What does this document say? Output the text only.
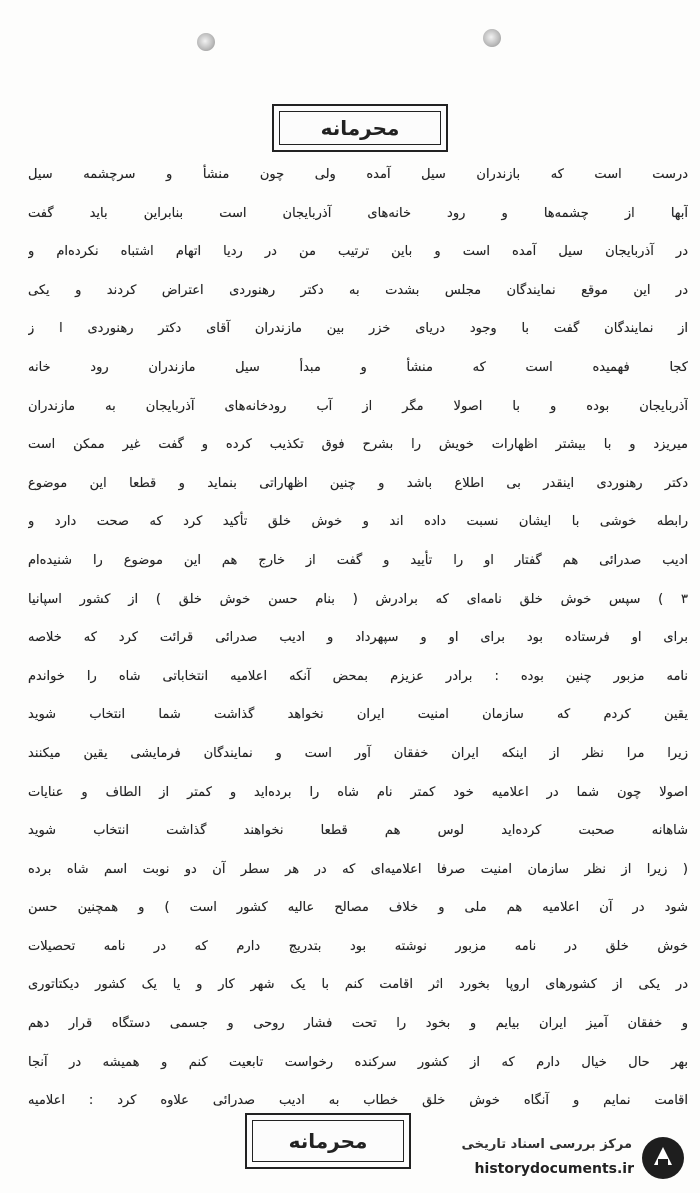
محرمانه
درست است که بازندران سیل آمده ولی چون منشأ و سرچشمه سیل
آبها از چشمه‌ها و رود خانه‌های آذربایجان است بنابراین باید گفت
در آذربایجان سیل آمده است و باین ترتیب من در ردیا اتهام اشتباه نکرده‌ام و
در این موقع نمایندگان مجلس بشدت به دکتر رهنوردی اعتراض کردند و یکی
از نمایندگان گفت با وجود دریای خزر بین مازندران آقای دکتر رهنوردی ا ز
کجا فهمیده است که منشأ و مبدأ سیل مازندران رود خانه
آذربایجان بوده و با اصولا مگر از آب رودخانه‌های آذربایجان به مازندران
میریزد و با بیشتر اظهارات خویش را بشرح فوق تکذیب کرده و گفت غیر ممکن است
دکتر رهنوردی اینقدر بی اطلاع باشد و چنین اظهاراتی بنماید و قطعا این موضوع
رابطه خوشی با ایشان نسبت داده اند و خوش خلق تأکید کرد که صحت دارد و
ادیب صدرائی هم گفتار او را تأیید و گفت از خارج هم این موضوع را شنیده‌ام
٣ ) سپس خوش خلق نامه‌ای که برادرش ( بنام حسن خوش خلق ) از کشور اسپانیا
برای او فرستاده بود برای او و سپهرداد و ادیب صدرائی قرائت کرد که خلاصه
نامه مزبور چنین بوده : برادر عزیزم بمحض آنکه اعلامیه انتخاباتی شاه را خواندم
یقین کردم که سازمان امنیت ایران نخواهد گذاشت شما انتخاب شوید
زیرا مرا نظر از اینکه ایران خفقان آور است و نمایندگان فرمایشی یقین میکنند
اصولا چون شما در اعلامیه خود کمتر نام شاه را برده‌اید و کمتر از الطاف و عنایات
شاهانه صحبت کرده‌اید لوس هم قطعا نخواهند گذاشت انتخاب شوید
( زیرا از نظر سازمان امنیت صرفا اعلامیه‌ای که در هر سطر آن دو نوبت اسم شاه برده
شود در آن اعلامیه هم ملی و خلاف مصالح عالیه کشور است ) و همچنین حسن
خوش خلق در نامه مزبور نوشته بود بتدریج دارم که در نامه تحصیلات
در یکی از کشورهای اروپا بخورد اثر اقامت کنم با یک شهر کار و یا یک کشور دیکتاتوری
و خفقان آمیز ایران بیایم و بخود را تحت فشار روحی و جسمی دستگاه قرار دهم
بهر حال خیال دارم که از کشور سرکنده رخواست تابعیت کنم و همیشه در آنجا
اقامت نمایم و آنگاه خوش خلق خطاب به ادیب صدرائی علاوه کرد : اعلامیه
محرمانه	مرکز بررسی اسناد تاریخی
historydocuments.ir
